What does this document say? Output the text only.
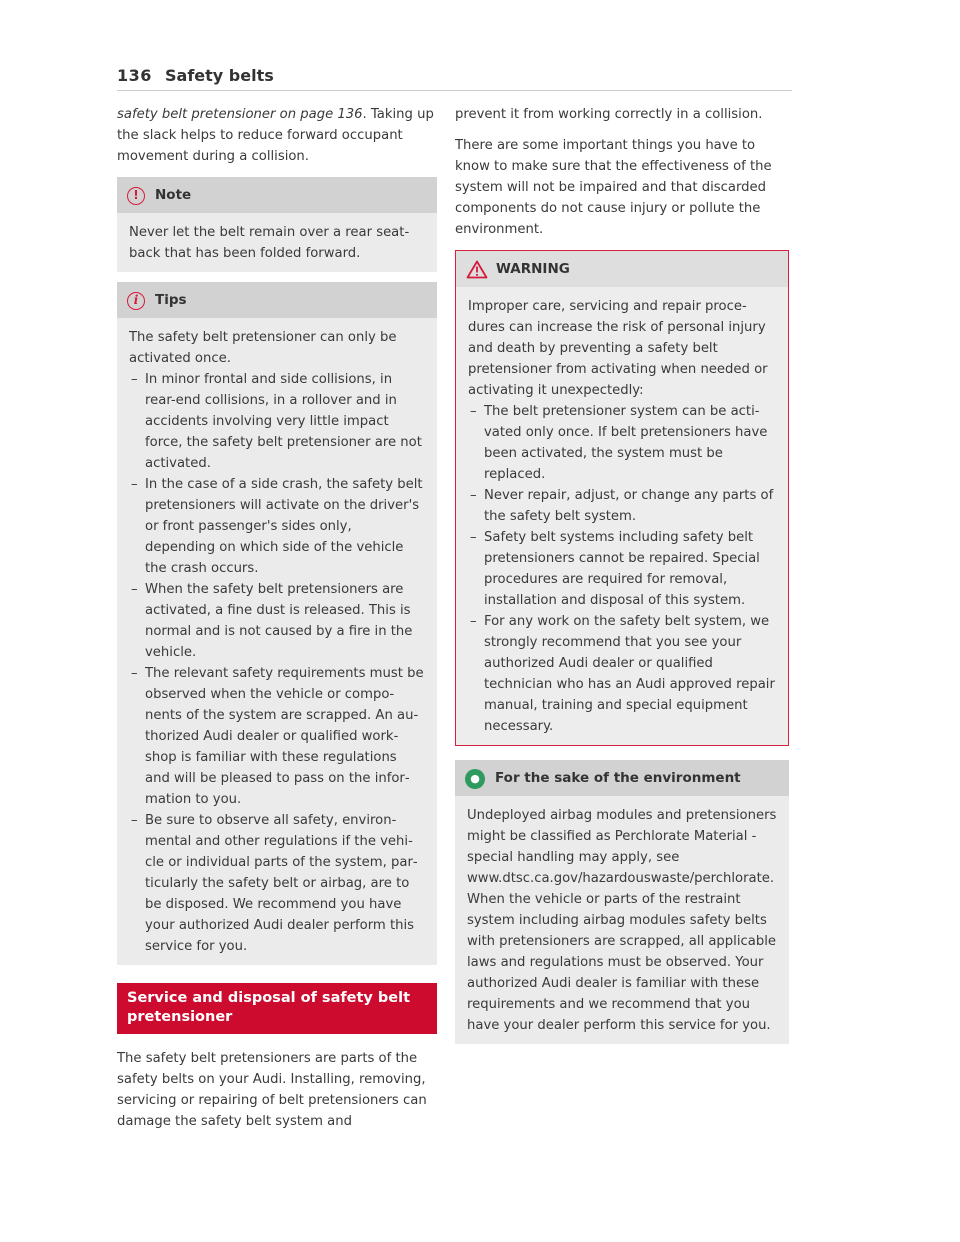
136 Safety belts

safety belt pretensioner on page 136. Taking up the slack helps to reduce forward occupant movement during a collision.

!	Note

Never let the belt remain over a rear seatback that has been folded forward.

i	Tips

The safety belt pretensioner can only be activated once.

– In minor frontal and side collisions, in rear-end collisions, in a rollover and in accidents involving very little impact force, the safety belt pretensioner are not activated.
– In the case of a side crash, the safety belt pretensioners will activate on the driver's or front passenger's sides only, depending on which side of the vehicle the crash occurs.
– When the safety belt pretensioners are activated, a fine dust is released. This is normal and is not caused by a fire in the vehicle.
– The relevant safety requirements must be observed when the vehicle or components of the system are scrapped. An authorized Audi dealer or qualified workshop is familiar with these regulations and will be pleased to pass on the information to you.
– Be sure to observe all safety, environmental and other regulations if the vehicle or individual parts of the system, particularly the safety belt or airbag, are to be disposed. We recommend you have your authorized Audi dealer perform this service for you.
Service and disposal of safety belt pretensioner

The safety belt pretensioners are parts of the safety belts on your Audi. Installing, removing, servicing or repairing of belt pretensioners can damage the safety belt system and

prevent it from working correctly in a collision.

There are some important things you have to know to make sure that the effectiveness of the system will not be impaired and that discarded components do not cause injury or pollute the environment.

WARNING

Improper care, servicing and repair procedures can increase the risk of personal injury and death by preventing a safety belt pretensioner from activating when needed or activating it unexpectedly:

– The belt pretensioner system can be activated only once. If belt pretensioners have been activated, the system must be replaced.
– Never repair, adjust, or change any parts of the safety belt system.
– Safety belt systems including safety belt pretensioners cannot be repaired. Special procedures are required for removal, installation and disposal of this system.
– For any work on the safety belt system, we strongly recommend that you see your authorized Audi dealer or qualified technician who has an Audi approved repair manual, training and special equipment necessary.
●	For the sake of the environment

Undeployed airbag modules and pretensioners might be classified as Perchlorate Material - special handling may apply, see www.dtsc.ca.gov/hazardouswaste/perchlorate. When the vehicle or parts of the restraint system including airbag modules safety belts with pretensioners are scrapped, all applicable laws and regulations must be observed. Your authorized Audi dealer is familiar with these requirements and we recommend that you have your dealer perform this service for you.
